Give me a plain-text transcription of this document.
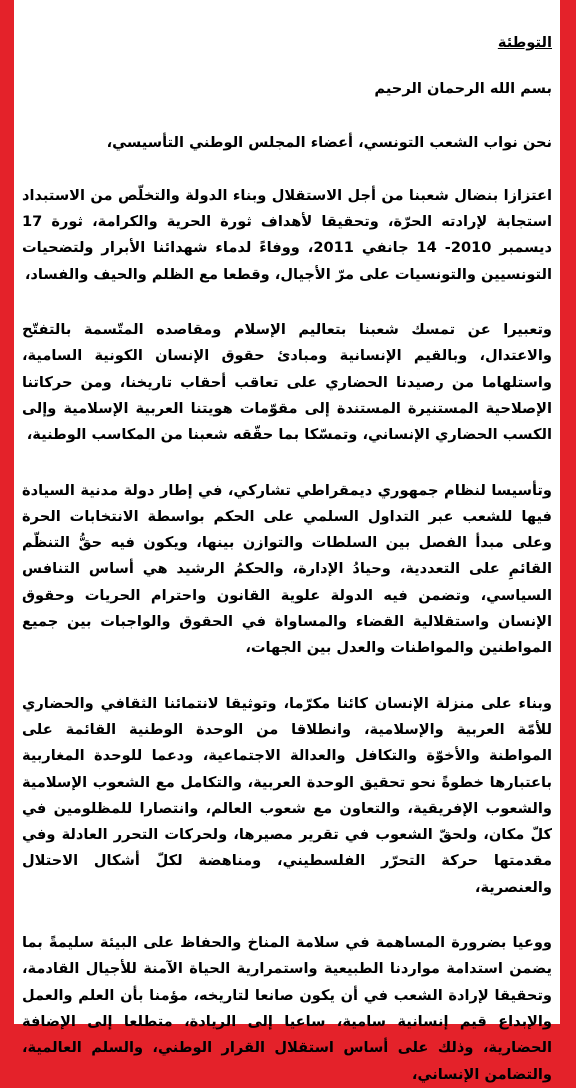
التوطئة
بسم الله الرحمان الرحيم
نحن نواب الشعب التونسي، أعضاء المجلس الوطني التأسيسي،
اعتزازا بنضال شعبنا من أجل الاستقلال وبناء الدولة والتخلّص من الاستبداد استجابة لإرادته الحرّة، وتحقيقا لأهداف ثورة الحرية والكرامة، ثورة 17 ديسمبر 2010- 14 جانفي 2011، ووفاءً لدماء شهدائنا الأبرار ولتضحيات التونسيين والتونسيات على مرّ الأجيال، وقطعا مع الظلم والحيف والفساد،
وتعبيرا عن تمسك شعبنا بتعاليم الإسلام ومقاصده المتّسمة بالتفتّح والاعتدال، وبالقيم الإنسانية ومبادئ حقوق الإنسان الكونية السامية، واستلهاما من رصيدنا الحضاري على تعاقب أحقاب تاريخنا، ومن حركاتنا الإصلاحية المستنيرة المستندة إلى مقوّمات هويتنا العربية الإسلامية وإلى الكسب الحضاري الإنساني، وتمسّكا بما حقّقه شعبنا من المكاسب الوطنية،
وتأسيسا لنظام جمهوري ديمقراطي تشاركي، في إطار دولة مدنية السيادة فيها للشعب عبر التداول السلمي على الحكم بواسطة الانتخابات الحرة وعلى مبدأ الفصل بين السلطات والتوازن بينها، ويكون فيه حقُّ التنظّم القائمِ على التعددية، وحيادُ الإدارة، والحكمُ الرشيد هي أساس التنافس السياسي، وتضمن فيه الدولة علوية القانون واحترام الحريات وحقوق الإنسان واستقلالية القضاء والمساواة في الحقوق والواجبات بين جميع المواطنين والمواطنات والعدل بين الجهات،
وبناء على منزلة الإنسان كائنا مكرّما، وتوثيقا لانتمائنا الثقافي والحضاري للأمّة العربية والإسلامية، وانطلاقا من الوحدة الوطنية القائمة على المواطنة والأخوّة والتكافل والعدالة الاجتماعية، ودعما للوحدة المغاربية باعتبارها خطوةً نحو تحقيق الوحدة العربية، والتكامل مع الشعوب الإسلامية والشعوب الإفريقية، والتعاون مع شعوب العالم، وانتصارا للمظلومين في كلّ مكان، ولحقّ الشعوب في تقرير مصيرها، ولحركات التحرر العادلة وفي مقدمتها حركة التحرّر الفلسطيني، ومناهضة لكلّ أشكال الاحتلال والعنصرية،
ووعيا بضرورة المساهمة في سلامة المناخ والحفاظ على البيئة سليمةً بما يضمن استدامة مواردنا الطبيعية واستمرارية الحياة الآمنة للأجيال القادمة، وتحقيقا لإرادة الشعب في أن يكون صانعا لتاريخه، مؤمنا بأن العلم والعمل والإبداع قيم إنسانية سامية، ساعيا إلى الريادة، متطلعا إلى الإضافة الحضارية، وذلك على أساس استقلال القرار الوطني، والسلم العالمية، والتضامن الإنساني،
